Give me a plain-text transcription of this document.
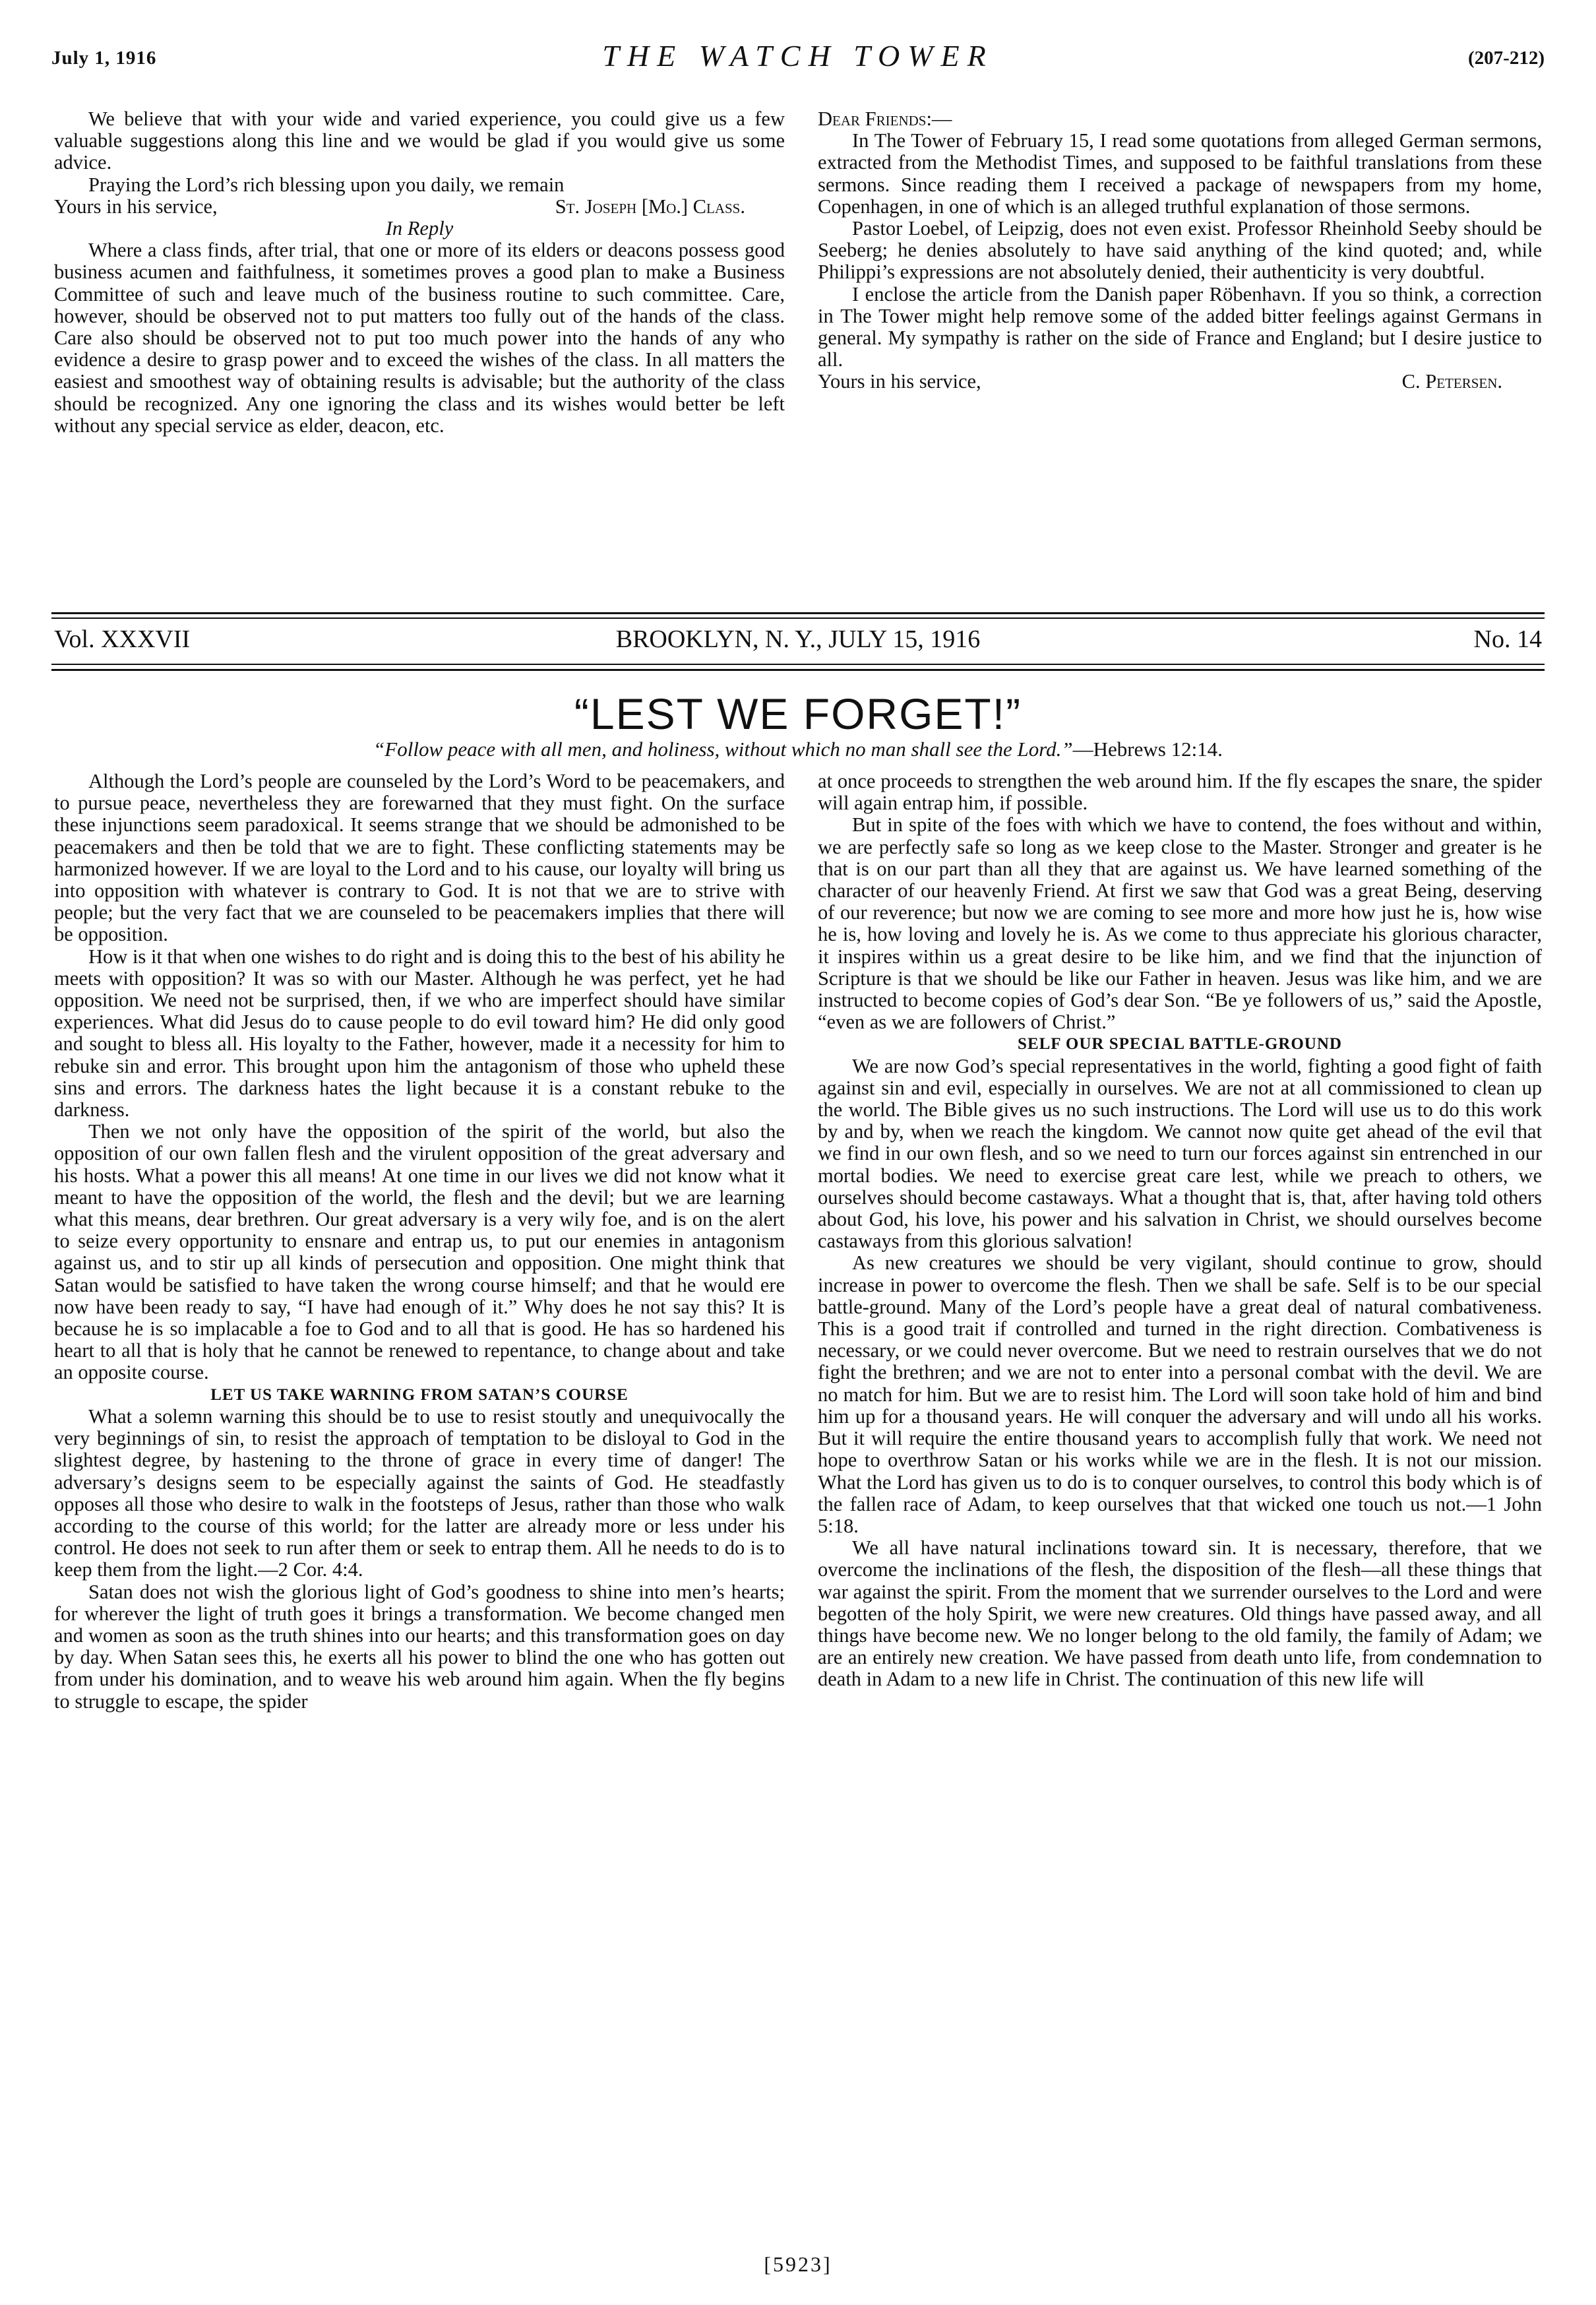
July 1, 1916	THE WATCH TOWER	(207-212)

We believe that with your wide and varied experience, you could give us a few valuable suggestions along this line and we would be glad if you would give us some advice.

Praying the Lord’s rich blessing upon you daily, we remain

Yours in his service,	St. Joseph [Mo.] Class.

In Reply

Where a class finds, after trial, that one or more of its elders or deacons possess good business acumen and faithfulness, it sometimes proves a good plan to make a Business Committee of such and leave much of the business routine to such committee. Care, however, should be observed not to put matters too fully out of the hands of the class. Care also should be observed not to put too much power into the hands of any who evidence a desire to grasp power and to exceed the wishes of the class. In all matters the easiest and smoothest way of obtaining results is advisable; but the authority of the class should be recognized. Any one ignoring the class and its wishes would better be left without any special service as elder, deacon, etc.

Dear Friends:—

In The Tower of February 15, I read some quotations from alleged German sermons, extracted from the Methodist Times, and supposed to be faithful translations from these sermons. Since reading them I received a package of newspapers from my home, Copenhagen, in one of which is an alleged truthful explanation of those sermons.

Pastor Loebel, of Leipzig, does not even exist. Professor Rheinhold Seeby should be Seeberg; he denies absolutely to have said anything of the kind quoted; and, while Philippi’s expressions are not absolutely denied, their authenticity is very doubtful.

I enclose the article from the Danish paper Röbenhavn. If you so think, a correction in The Tower might help remove some of the added bitter feelings against Germans in general. My sympathy is rather on the side of France and England; but I desire justice to all.

Yours in his service,	C. Petersen.

Vol. XXXVII	BROOKLYN, N. Y., JULY 15, 1916	No. 14
“LEST WE FORGET!”
“Follow peace with all men, and holiness, without which no man shall see the Lord.”—Hebrews 12:14.

Although the Lord’s people are counseled by the Lord’s Word to be peacemakers, and to pursue peace, nevertheless they are forewarned that they must fight. On the surface these injunctions seem paradoxical. It seems strange that we should be admonished to be peacemakers and then be told that we are to fight. These conflicting statements may be harmonized however. If we are loyal to the Lord and to his cause, our loyalty will bring us into opposition with whatever is contrary to God. It is not that we are to strive with people; but the very fact that we are counseled to be peacemakers implies that there will be opposition.

How is it that when one wishes to do right and is doing this to the best of his ability he meets with opposition? It was so with our Master. Although he was perfect, yet he had opposition. We need not be surprised, then, if we who are imperfect should have similar experiences. What did Jesus do to cause people to do evil toward him? He did only good and sought to bless all. His loyalty to the Father, however, made it a necessity for him to rebuke sin and error. This brought upon him the antagonism of those who upheld these sins and errors. The darkness hates the light because it is a constant rebuke to the darkness.

Then we not only have the opposition of the spirit of the world, but also the opposition of our own fallen flesh and the virulent opposition of the great adversary and his hosts. What a power this all means! At one time in our lives we did not know what it meant to have the opposition of the world, the flesh and the devil; but we are learning what this means, dear brethren. Our great adversary is a very wily foe, and is on the alert to seize every opportunity to ensnare and entrap us, to put our enemies in antagonism against us, and to stir up all kinds of persecution and opposition. One might think that Satan would be satisfied to have taken the wrong course himself; and that he would ere now have been ready to say, “I have had enough of it.” Why does he not say this? It is because he is so implacable a foe to God and to all that is good. He has so hardened his heart to all that is holy that he cannot be renewed to repentance, to change about and take an opposite course.

LET US TAKE WARNING FROM SATAN’S COURSE

What a solemn warning this should be to use to resist stoutly and unequivocally the very beginnings of sin, to resist the approach of temptation to be disloyal to God in the slightest degree, by hastening to the throne of grace in every time of danger! The adversary’s designs seem to be especially against the saints of God. He steadfastly opposes all those who desire to walk in the footsteps of Jesus, rather than those who walk according to the course of this world; for the latter are already more or less under his control. He does not seek to run after them or seek to entrap them. All he needs to do is to keep them from the light.—2 Cor. 4:4.

Satan does not wish the glorious light of God’s goodness to shine into men’s hearts; for wherever the light of truth goes it brings a transformation. We become changed men and women as soon as the truth shines into our hearts; and this transformation goes on day by day. When Satan sees this, he exerts all his power to blind the one who has gotten out from under his domination, and to weave his web around him again. When the fly begins to struggle to escape, the spider

at once proceeds to strengthen the web around him. If the fly escapes the snare, the spider will again entrap him, if possible.

But in spite of the foes with which we have to contend, the foes without and within, we are perfectly safe so long as we keep close to the Master. Stronger and greater is he that is on our part than all they that are against us. We have learned something of the character of our heavenly Friend. At first we saw that God was a great Being, deserving of our reverence; but now we are coming to see more and more how just he is, how wise he is, how loving and lovely he is. As we come to thus appreciate his glorious character, it inspires within us a great desire to be like him, and we find that the injunction of Scripture is that we should be like our Father in heaven. Jesus was like him, and we are instructed to become copies of God’s dear Son. “Be ye followers of us,” said the Apostle, “even as we are followers of Christ.”

SELF OUR SPECIAL BATTLE-GROUND

We are now God’s special representatives in the world, fighting a good fight of faith against sin and evil, especially in ourselves. We are not at all commissioned to clean up the world. The Bible gives us no such instructions. The Lord will use us to do this work by and by, when we reach the kingdom. We cannot now quite get ahead of the evil that we find in our own flesh, and so we need to turn our forces against sin entrenched in our mortal bodies. We need to exercise great care lest, while we preach to others, we ourselves should become castaways. What a thought that is, that, after having told others about God, his love, his power and his salvation in Christ, we should ourselves become castaways from this glorious salvation!

As new creatures we should be very vigilant, should continue to grow, should increase in power to overcome the flesh. Then we shall be safe. Self is to be our special battle-ground. Many of the Lord’s people have a great deal of natural combativeness. This is a good trait if controlled and turned in the right direction. Combativeness is necessary, or we could never overcome. But we need to restrain ourselves that we do not fight the brethren; and we are not to enter into a personal combat with the devil. We are no match for him. But we are to resist him. The Lord will soon take hold of him and bind him up for a thousand years. He will conquer the adversary and will undo all his works. But it will require the entire thousand years to accomplish fully that work. We need not hope to overthrow Satan or his works while we are in the flesh. It is not our mission. What the Lord has given us to do is to conquer ourselves, to control this body which is of the fallen race of Adam, to keep ourselves that that wicked one touch us not.—1 John 5:18.

We all have natural inclinations toward sin. It is necessary, therefore, that we overcome the inclinations of the flesh, the disposition of the flesh—all these things that war against the spirit. From the moment that we surrender ourselves to the Lord and were begotten of the holy Spirit, we were new creatures. Old things have passed away, and all things have become new. We no longer belong to the old family, the family of Adam; we are an entirely new creation. We have passed from death unto life, from condemnation to death in Adam to a new life in Christ. The continuation of this new life will

[5923]
